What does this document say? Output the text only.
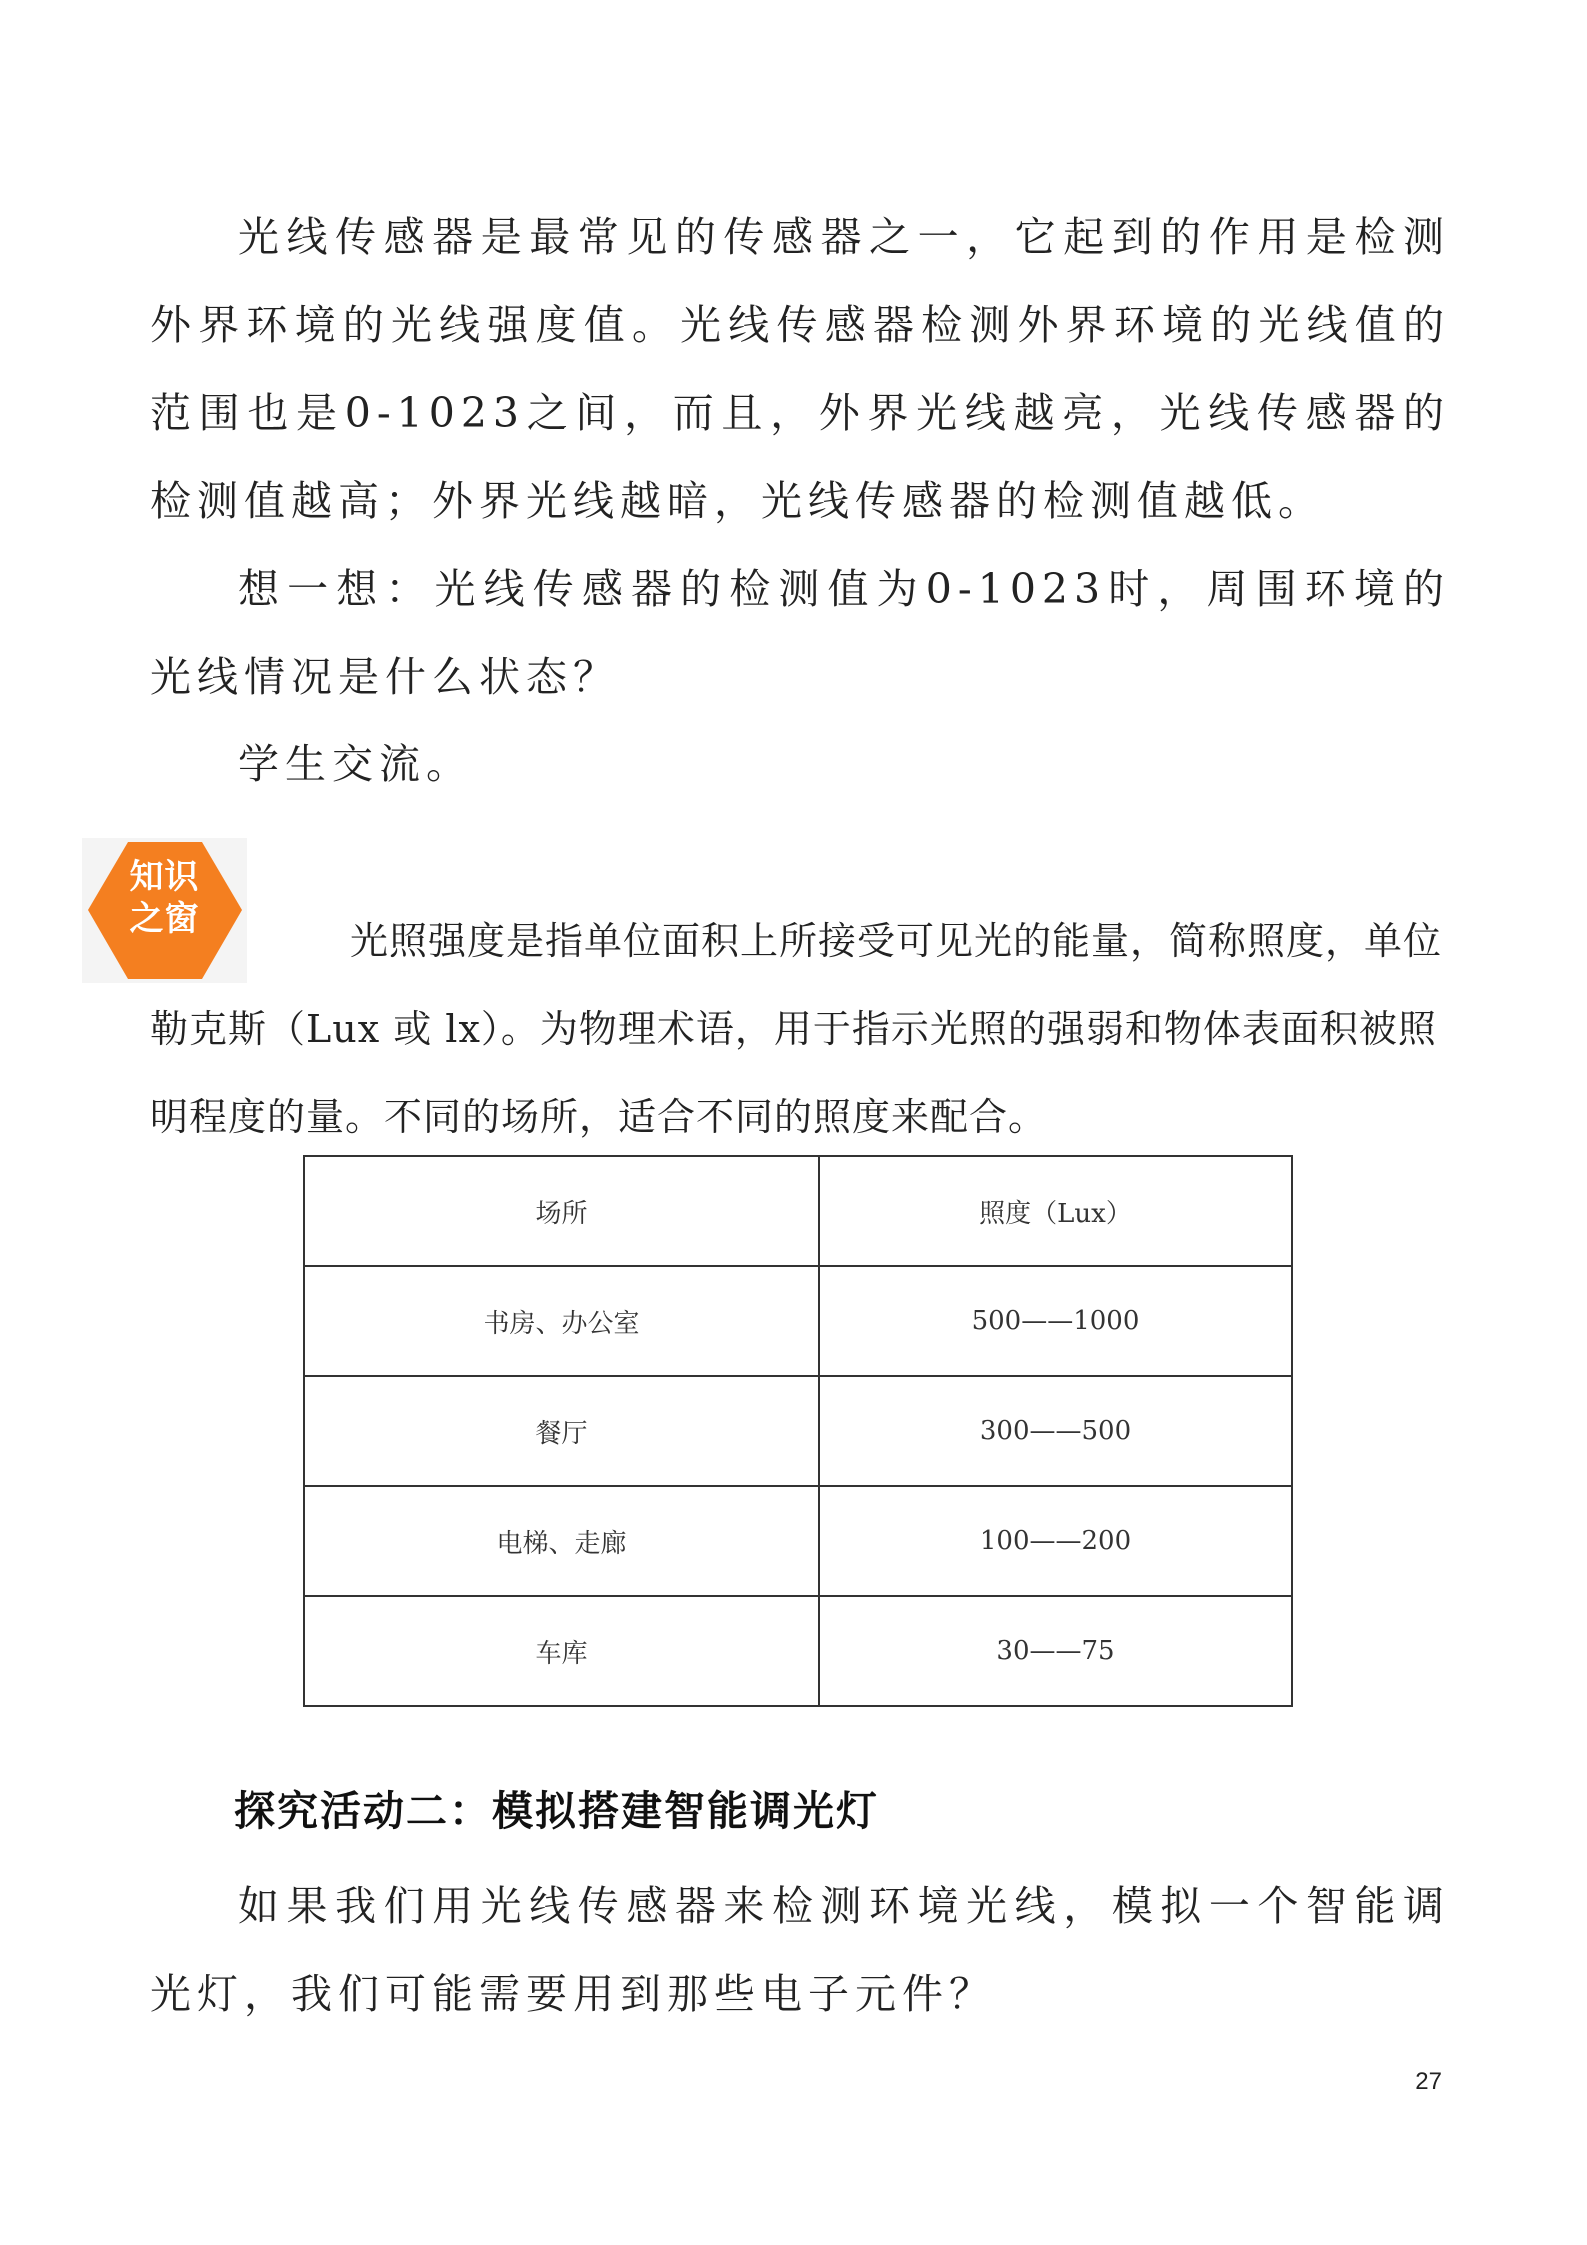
光线传感器是最常见的传感器之一，它起到的作用是检测外界环境的光线强度值。光线传感器检测外界环境的光线值的范围也是0-1023之间，而且，外界光线越亮，光线传感器的检测值越高；外界光线越暗，光线传感器的检测值越低。

想一想：光线传感器的检测值为0-1023时，周围环境的光线情况是什么状态？

学生交流。

知识
之窗	光照强度是指单位面积上所接受可见光的能量，简称照度，单位勒克斯（Lux 或 lx）。为物理术语，用于指示光照的强弱和物体表面积被照明程度的量。不同的场所，适合不同的照度来配合。

场所	照度（Lux）
书房、办公室	500——1000
餐厅	300——500
电梯、走廊	100——200
车库	30——75
探究活动二：模拟搭建智能调光灯

如果我们用光线传感器来检测环境光线，模拟一个智能调光灯，我们可能需要用到那些电子元件？

27
